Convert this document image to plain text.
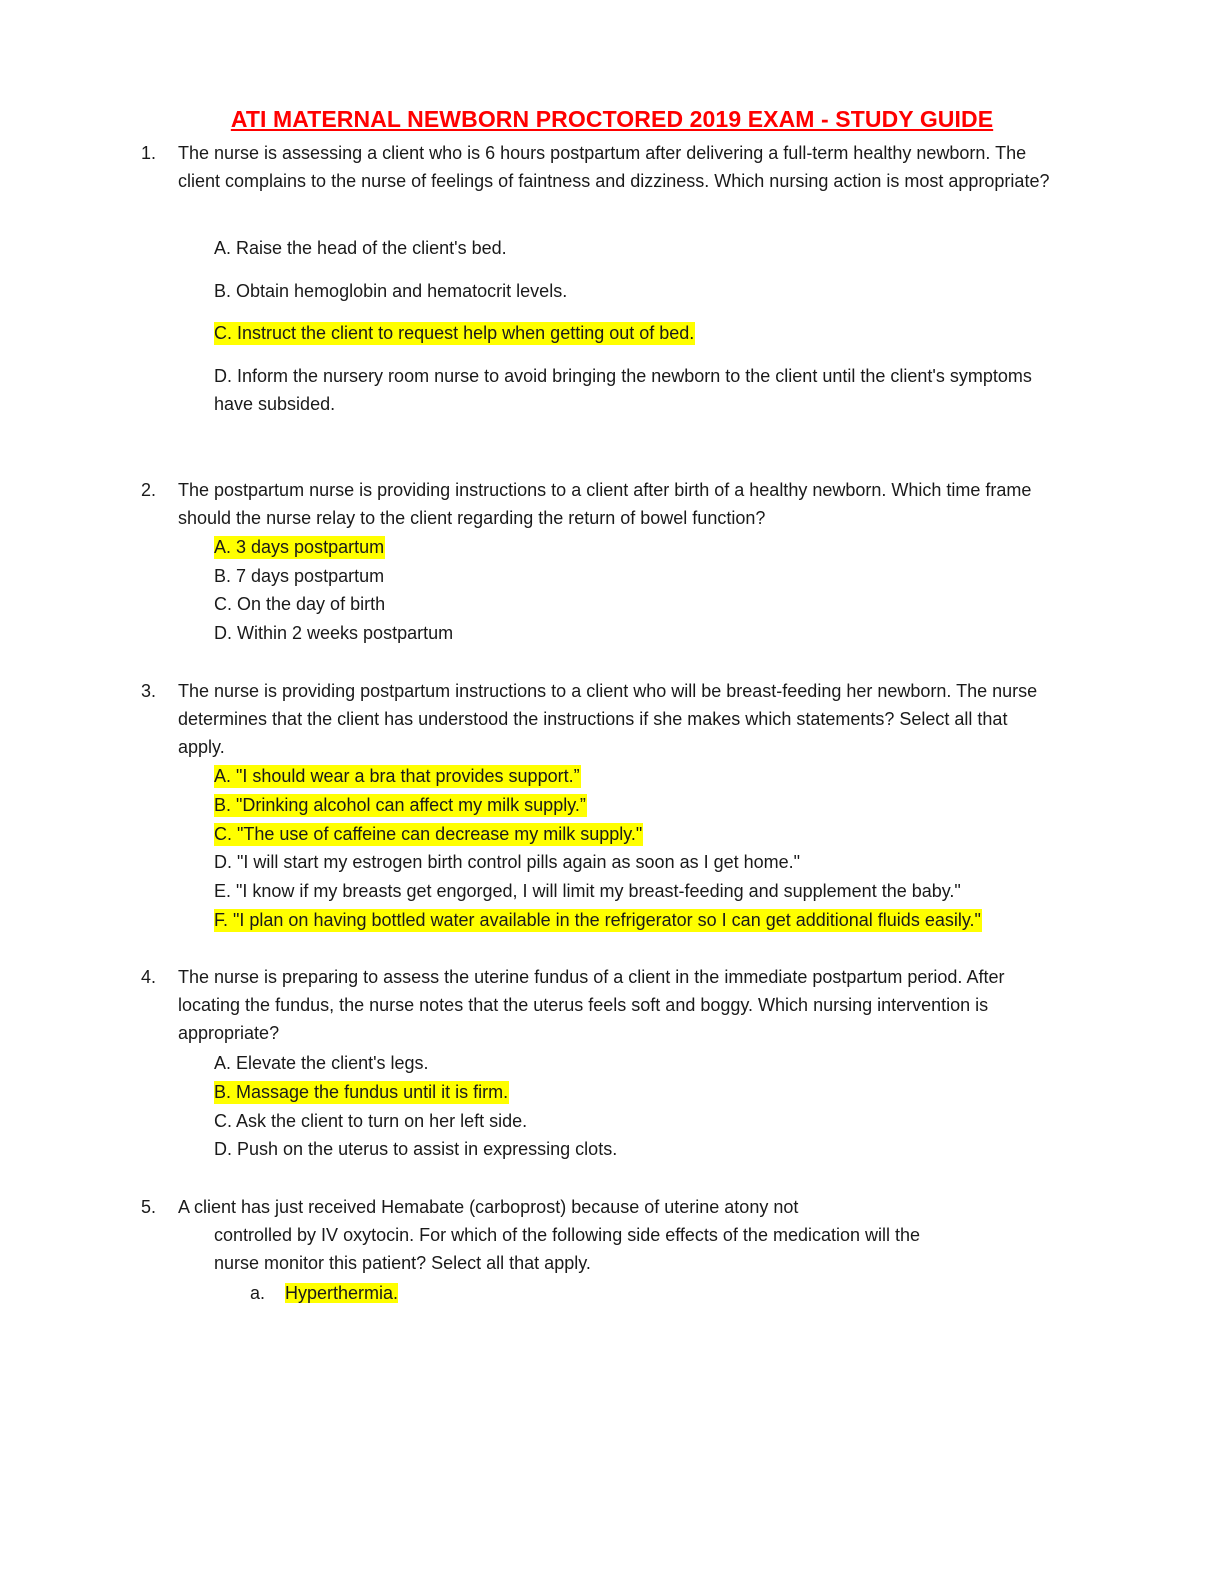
ATI MATERNAL NEWBORN PROCTORED 2019 EXAM - STUDY GUIDE
1. The nurse is assessing a client who is 6 hours postpartum after delivering a full-term healthy newborn. The client complains to the nurse of feelings of faintness and dizziness. Which nursing action is most appropriate?
A. Raise the head of the client's bed.
B. Obtain hemoglobin and hematocrit levels.
C. Instruct the client to request help when getting out of bed.
D. Inform the nursery room nurse to avoid bringing the newborn to the client until the client's symptoms have subsided.
2. The postpartum nurse is providing instructions to a client after birth of a healthy newborn. Which time frame should the nurse relay to the client regarding the return of bowel function?
A. 3 days postpartum
B. 7 days postpartum
C. On the day of birth
D. Within 2 weeks postpartum
3. The nurse is providing postpartum instructions to a client who will be breast-feeding her newborn. The nurse determines that the client has understood the instructions if she makes which statements? Select all that apply.
A. "I should wear a bra that provides support.”
B. "Drinking alcohol can affect my milk supply.”
C. "The use of caffeine can decrease my milk supply."
D. "I will start my estrogen birth control pills again as soon as I get home."
E. "I know if my breasts get engorged, I will limit my breast-feeding and supplement the baby."
F. "I plan on having bottled water available in the refrigerator so I can get additional fluids easily."
4. The nurse is preparing to assess the uterine fundus of a client in the immediate postpartum period. After locating the fundus, the nurse notes that the uterus feels soft and boggy. Which nursing intervention is appropriate?
A. Elevate the client's legs.
B. Massage the fundus until it is firm.
C. Ask the client to turn on her left side.
D. Push on the uterus to assist in expressing clots.
5. A client has just received Hemabate (carboprost) because of uterine atony not
controlled by IV oxytocin. For which of the following side effects of the medication will the nurse monitor this patient? Select all that apply.
a. Hyperthermia.
